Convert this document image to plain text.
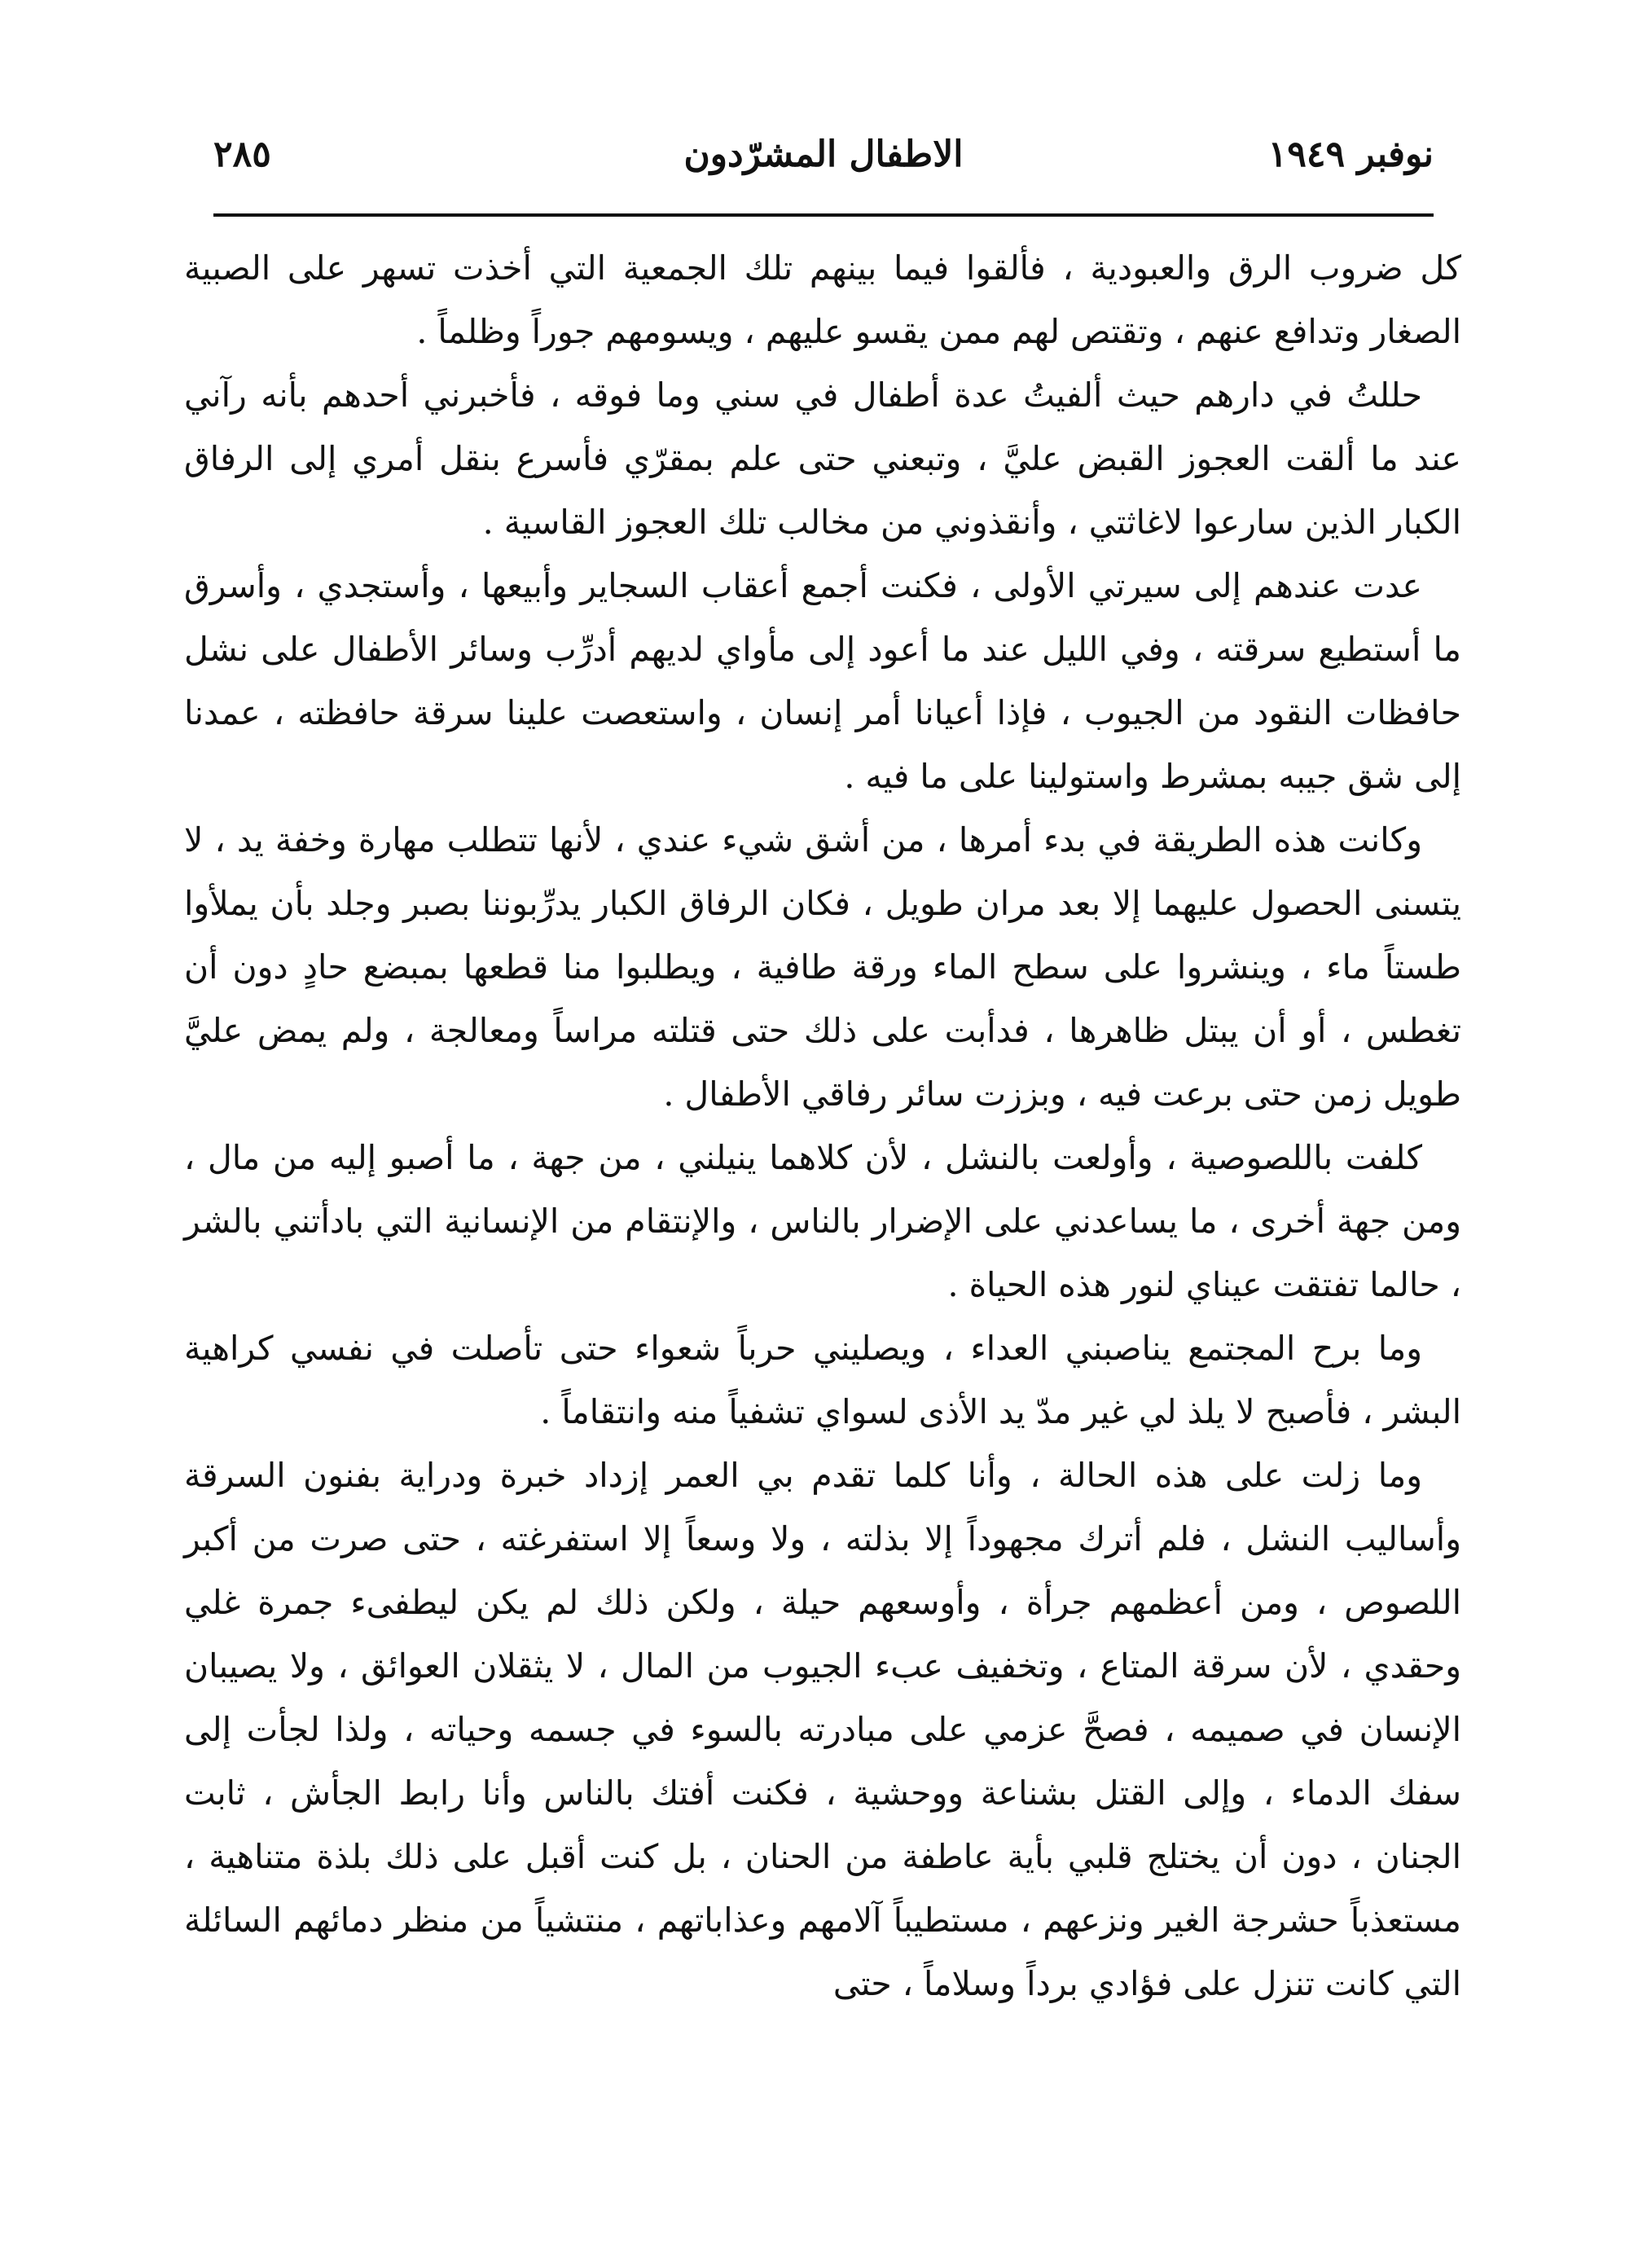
نوفبر ١٩٤٩
الاطفال المشرّدون
٢٨٥

كل ضروب الرق والعبودية ، فألقوا فيما بينهم تلك الجمعية التي أخذت تسهر على الصبية الصغار وتدافع عنهم ، وتقتص لهم ممن يقسو عليهم ، ويسومهم جوراً وظلماً .

حللتُ في دارهم حيث ألفيتُ عدة أطفال في سني وما فوقه ، فأخبرني أحدهم بأنه رآني عند ما ألقت العجوز القبض عليَّ ، وتبعني حتى علم بمقرّي فأسرع بنقل أمري إلى الرفاق الكبار الذين سارعوا لاغاثتي ، وأنقذوني من مخالب تلك العجوز القاسية .

عدت عندهم إلى سيرتي الأولى ، فكنت أجمع أعقاب السجاير وأبيعها ، وأستجدي ، وأسرق ما أستطيع سرقته ، وفي الليل عند ما أعود إلى مأواي لديهم أدرِّب وسائر الأطفال على نشل حافظات النقود من الجيوب ، فإذا أعيانا أمر إنسان ، واستعصت علينا سرقة حافظته ، عمدنا إلى شق جيبه بمشرط واستولينا على ما فيه .

وكانت هذه الطريقة في بدء أمرها ، من أشق شيء عندي ، لأنها تتطلب مهارة وخفة يد ، لا يتسنى الحصول عليهما إلا بعد مران طويل ، فكان الرفاق الكبار يدرِّبوننا بصبر وجلد بأن يملأوا طستاً ماء ، وينشروا على سطح الماء ورقة طافية ، ويطلبوا منا قطعها بمبضع حادٍ دون أن تغطس ، أو أن يبتل ظاهرها ، فدأبت على ذلك حتى قتلته مراساً ومعالجة ، ولم يمض عليَّ طويل زمن حتى برعت فيه ، وبززت سائر رفاقي الأطفال .

كلفت باللصوصية ، وأولعت بالنشل ، لأن كلاهما ينيلني ، من جهة ، ما أصبو إليه من مال ، ومن جهة أخرى ، ما يساعدني على الإضرار بالناس ، والإنتقام من الإنسانية التي بادأتني بالشر ، حالما تفتقت عيناي لنور هذه الحياة .

وما برح المجتمع يناصبني العداء ، ويصليني حرباً شعواء حتى تأصلت في نفسي كراهية البشر ، فأصبح لا يلذ لي غير مدّ يد الأذى لسواي تشفياً منه وانتقاماً .

وما زلت على هذه الحالة ، وأنا كلما تقدم بي العمر إزداد خبرة ودراية بفنون السرقة وأساليب النشل ، فلم أترك مجهوداً إلا بذلته ، ولا وسعاً إلا استفرغته ، حتى صرت من أكبر اللصوص ، ومن أعظمهم جرأة ، وأوسعهم حيلة ، ولكن ذلك لم يكن ليطفىء جمرة غلي وحقدي ، لأن سرقة المتاع ، وتخفيف عبء الجيوب من المال ، لا يثقلان العوائق ، ولا يصيبان الإنسان في صميمه ، فصحَّ عزمي على مبادرته بالسوء في جسمه وحياته ، ولذا لجأت إلى سفك الدماء ، وإلى القتل بشناعة ووحشية ، فكنت أفتك بالناس وأنا رابط الجأش ، ثابت الجنان ، دون أن يختلج قلبي بأية عاطفة من الحنان ، بل كنت أقبل على ذلك بلذة متناهية ، مستعذباً حشرجة الغير ونزعهم ، مستطيباً آلامهم وعذاباتهم ، منتشياً من منظر دمائهم السائلة التي كانت تنزل على فؤادي برداً وسلاماً ، حتى
